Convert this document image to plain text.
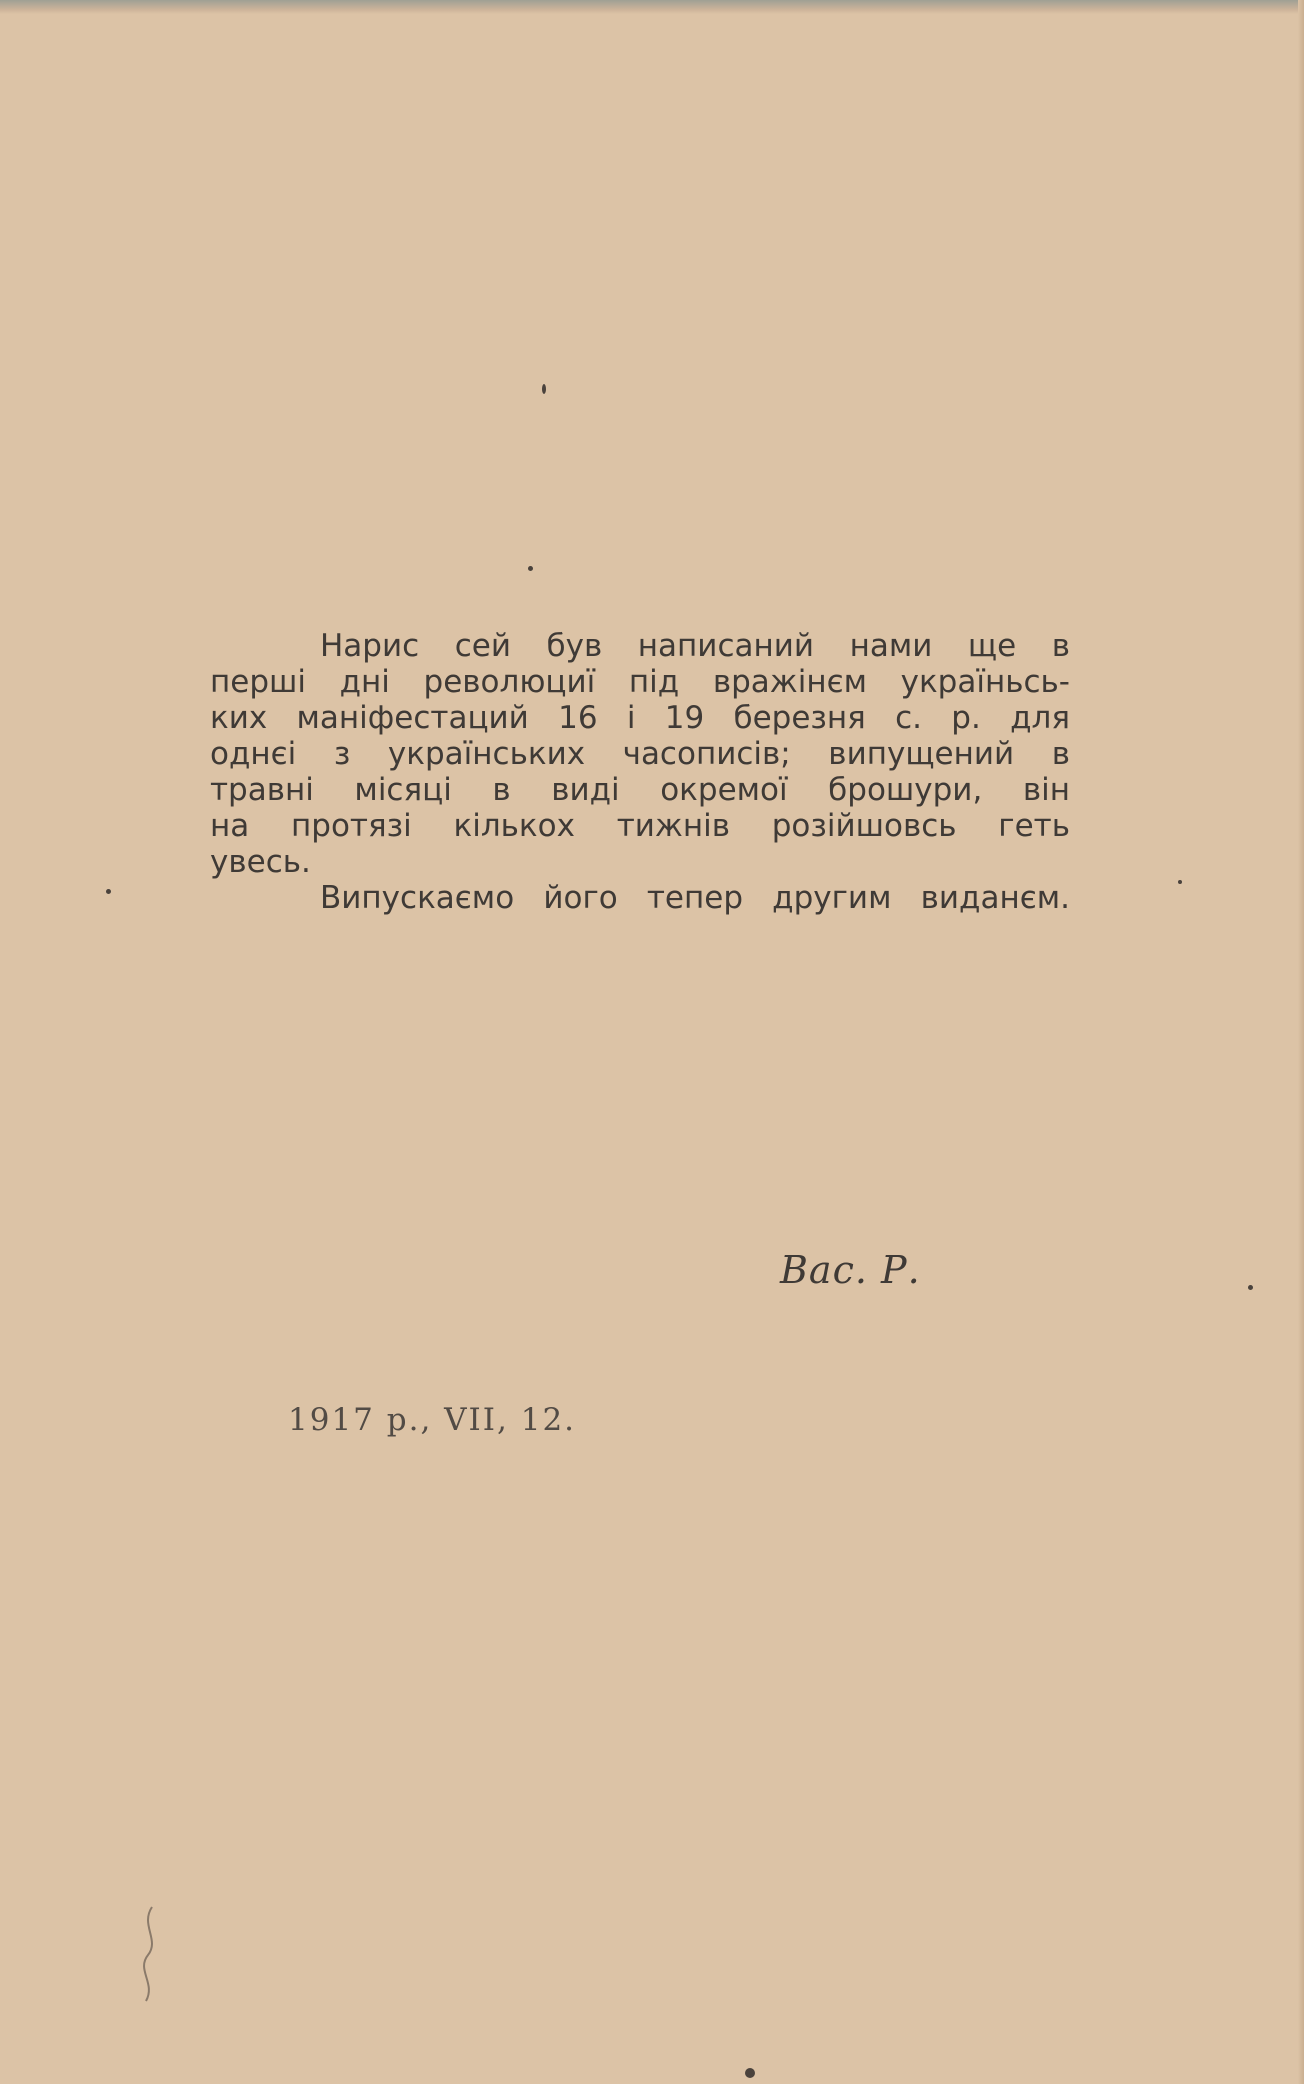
Нарис сей був написаний нами ще в
перші дні революциї під вражінєм україньсь-
ких маніфестаций 16 і 19 березня с. р. для
однєі з українських часописів; випущений в
травні місяці в виді окремої брошури, він
на протязі кількох тижнів розійшовсь геть
увесь.
Випускаємо його тепер другим виданєм.
Вас. Р.
1917 р., VII, 12.
